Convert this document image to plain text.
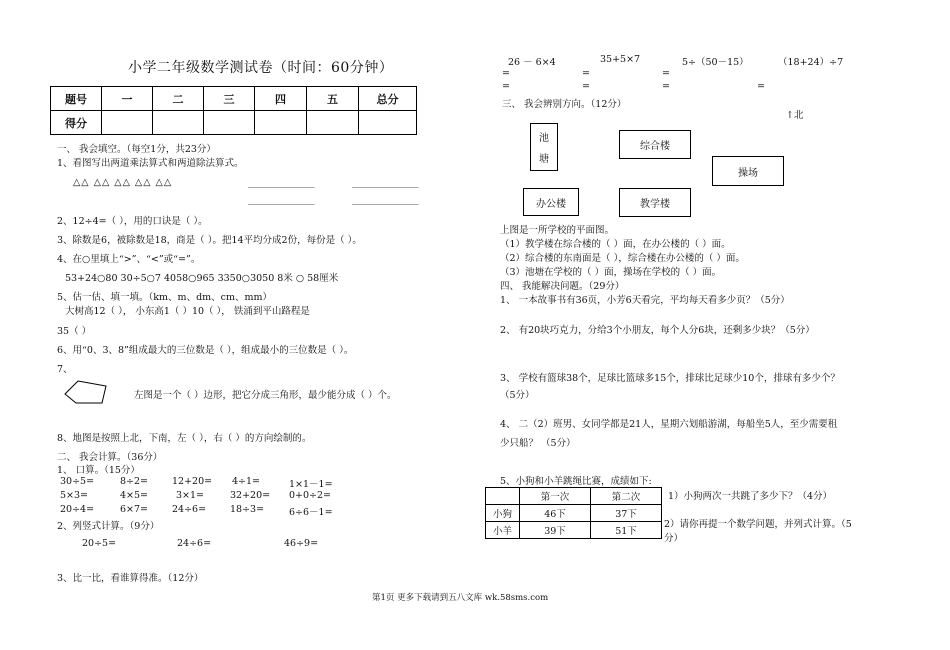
小学二年级数学测试卷（时间：60分钟）
题号	一	二	三	四	五	总分
得分						
一、 我会填空。（每空1分，共23分）
1、看图写出两道乘法算式和两道除法算式。
△△ △△ △△ △△ △△	＿＿＿＿＿＿＿	＿＿＿＿＿＿＿
＿＿＿＿＿＿＿	＿＿＿＿＿＿＿
2、12÷4=（ ），用的口诀是（ ）。
3、除数是6，被除数是18，商是（ ）。把14平均分成2份，每份是（ ）。
4、在○里填上“>”、“<”或“=”。
53+24○80 30÷5○7 4058○965 3350○3050 8米 ○ 58厘米
5、估一估、填一填。（km、m、dm、cm、mm）
大树高12（ ）， 小东高1（ ）10（ ）， 铁涌到平山路程是
35（ ）
6、用“0、3、8”组成最大的三位数是（ ），组成最小的三位数是（ ）。
7、
左图是一个（ ）边形，把它分成三角形，最少能分成（ ）个。
8、地图是按照上北，下南，左（ ），右（ ）的方向绘制的。
二、 我会计算。（36分）
1、 口算。（15分）
30÷5=	8÷2=	12+20= 4÷1=	1×1－1=
5×3=	4×5=	3×1=	32+20= 0+0÷2=
20÷4=	6×7=	24÷6=	18÷3=	6÷6－1=
2、列竖式计算。（9分）
20÷5=	24÷6=	46÷9=
3、比一比，看谁算得准。（12分）
26 － 6×4	35+5×7	5÷（50－15）	（18+24）÷7
=	=	=
=	=	=	=
三、 我会辨别方向。（12分）
↑北
池
塘
综合楼
操场
办公楼	教学楼
上图是一所学校的平面图。
（1）教学楼在综合楼的（ ）面，在办公楼的（ ）面。
（2）综合楼的东南面是（ ），综合楼在办公楼的（ ）面。
（3）池塘在学校的（ ）面，操场在学校的（ ）面。
四、 我能解决问题。（29分）
1、 一本故事书有36页，小芳6天看完，平均每天看多少页？（5分）
2、 有20块巧克力，分给3个小朋友，每个人分6块，还剩多少块？（5分）
3、 学校有篮球38个，足球比篮球多15个，排球比足球少10个，排球有多少个？
（5分）
4、 二（2）班男、女同学都是21人，星期六划船游湖，每船坐5人，至少需要租
少只船？ （5分）
5、小狗和小羊跳绳比赛，成绩如下:
	第一次	第二次
小狗	46下	37下
小羊	39下	51下
1）小狗两次一共跳了多少下？（4分）
2）请你再提一个数学问题，并列式计算。（5
分）
第1页 更多下载请到五八文库 wk.58sms.com
